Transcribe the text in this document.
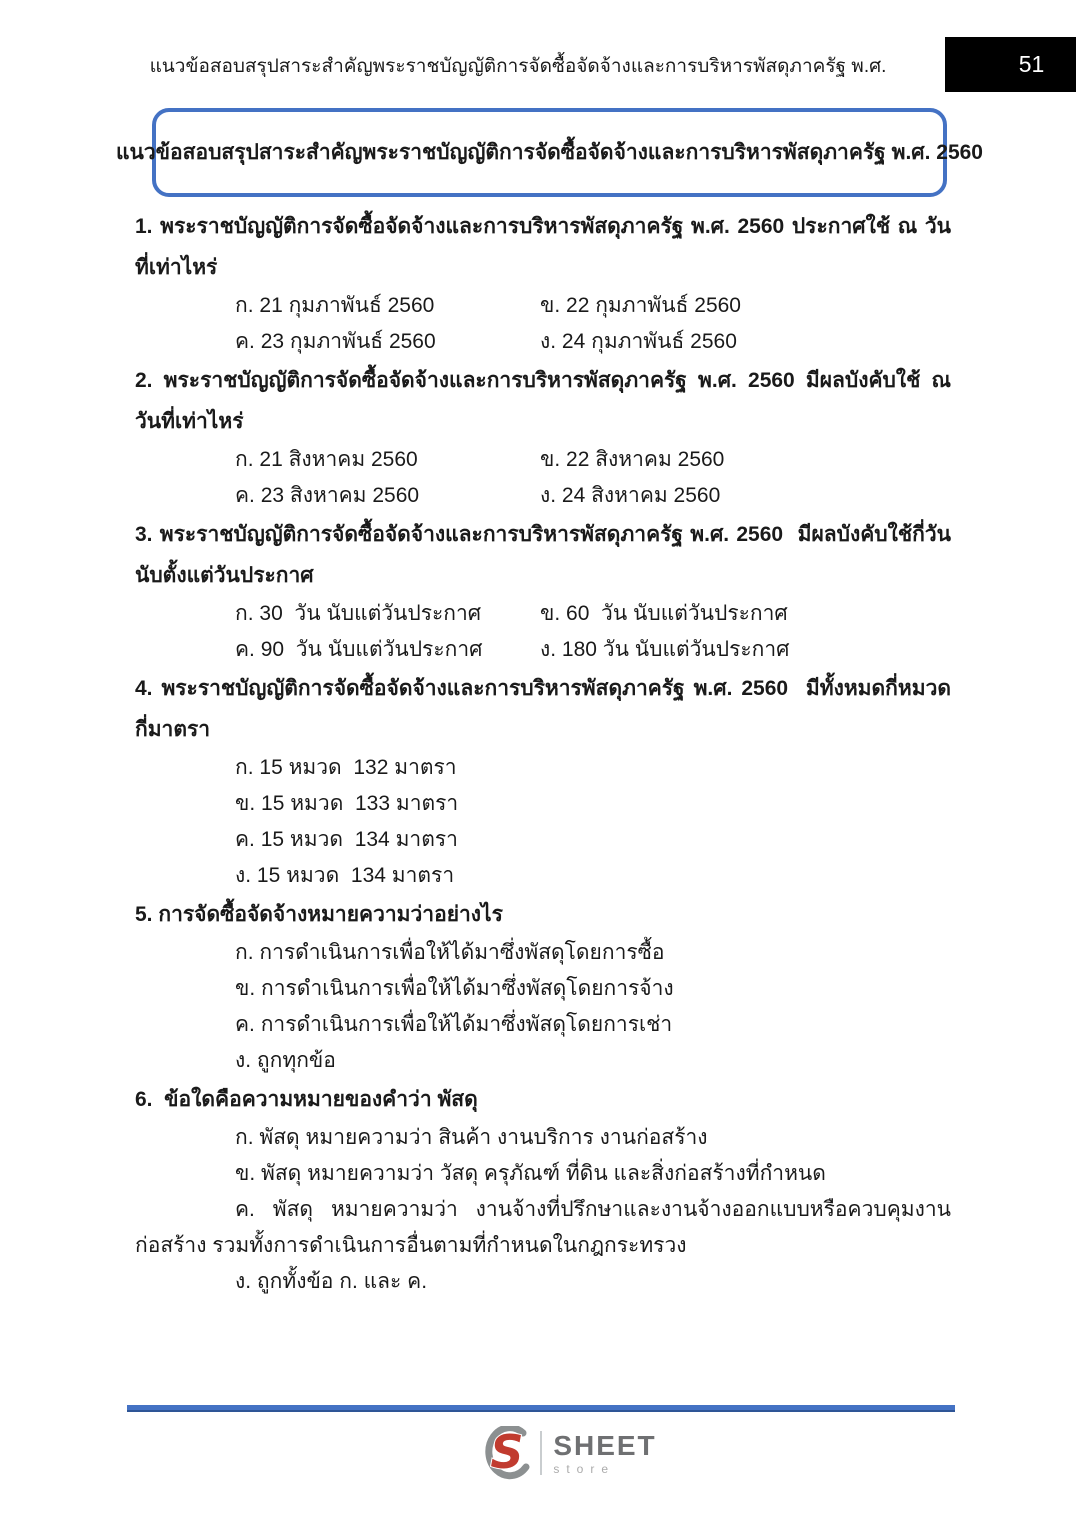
แนวข้อสอบสรุปสาระสำคัญพระราชบัญญัติการจัดซื้อจัดจ้างและการบริหารพัสดุภาครัฐ พ.ศ.	51
แนวข้อสอบสรุปสาระสำคัญพระราชบัญญัติการจัดซื้อจัดจ้างและการบริหารพัสดุภาครัฐ พ.ศ. 2560

1. พระราชบัญญัติการจัดซื้อจัดจ้างและการบริหารพัสดุภาครัฐ พ.ศ. 2560 ประกาศใช้ ณ วันที่​เท่าไหร่

ก. 21 กุมภาพันธ์ 2560	ข. 22 กุมภาพันธ์ 2560
ค. 23 กุมภาพันธ์ 2560	ง. 24 กุมภาพันธ์ 2560

2. พระราชบัญญัติการจัดซื้อจัดจ้างและการบริหารพัสดุภาครัฐ พ.ศ. 2560 มีผลบังคับใช้ ณ วันที่​เท่าไหร่

ก. 21 สิงหาคม 2560	ข. 22 สิงหาคม 2560
ค. 23 สิงหาคม 2560	ง. 24 สิงหาคม 2560

3. พระราชบัญญัติการจัดซื้อจัดจ้างและการบริหารพัสดุภาครัฐ พ.ศ. 2560  มีผลบังคับใช้กี่วัน​นับตั้งแต่วันประกาศ

ก. 30  วัน นับแต่วันประกาศ	ข. 60  วัน นับแต่วันประกาศ
ค. 90  วัน นับแต่วันประกาศ	ง. 180 วัน นับแต่วันประกาศ

4. พระราชบัญญัติการจัดซื้อจัดจ้างและการบริหารพัสดุภาครัฐ พ.ศ. 2560  มีทั้งหมดกี่หมวด กี่​มาตรา

ก. 15 หมวด  132 มาตรา

ข. 15 หมวด  133 มาตรา

ค. 15 หมวด  134 มาตรา

ง. 15 หมวด  134 มาตรา

5. การจัดซื้อจัดจ้างหมายความว่าอย่างไร

ก. การดำเนินการเพื่อให้ได้มาซึ่งพัสดุโดยการซื้อ

ข. การดำเนินการเพื่อให้ได้มาซึ่งพัสดุโดยการจ้าง

ค. การดำเนินการเพื่อให้ได้มาซึ่งพัสดุโดยการเช่า

ง. ถูกทุกข้อ

6.  ข้อใดคือความหมายของคำว่า พัสดุ

ก. พัสดุ หมายความว่า สินค้า งานบริการ งานก่อสร้าง

ข. พัสดุ หมายความว่า วัสดุ ครุภัณฑ์ ที่ดิน และสิ่งก่อสร้างที่กำหนด

ค. พัสดุ หมายความว่า งานจ้างที่ปรึกษาและงานจ้างออกแบบหรือควบคุมงานก่อสร้าง รวมทั้ง​การดำเนินการอื่นตามที่กำหนดในกฎกระทรวง

ง. ถูกทั้งข้อ ก. และ ค.

S SHEET
store
